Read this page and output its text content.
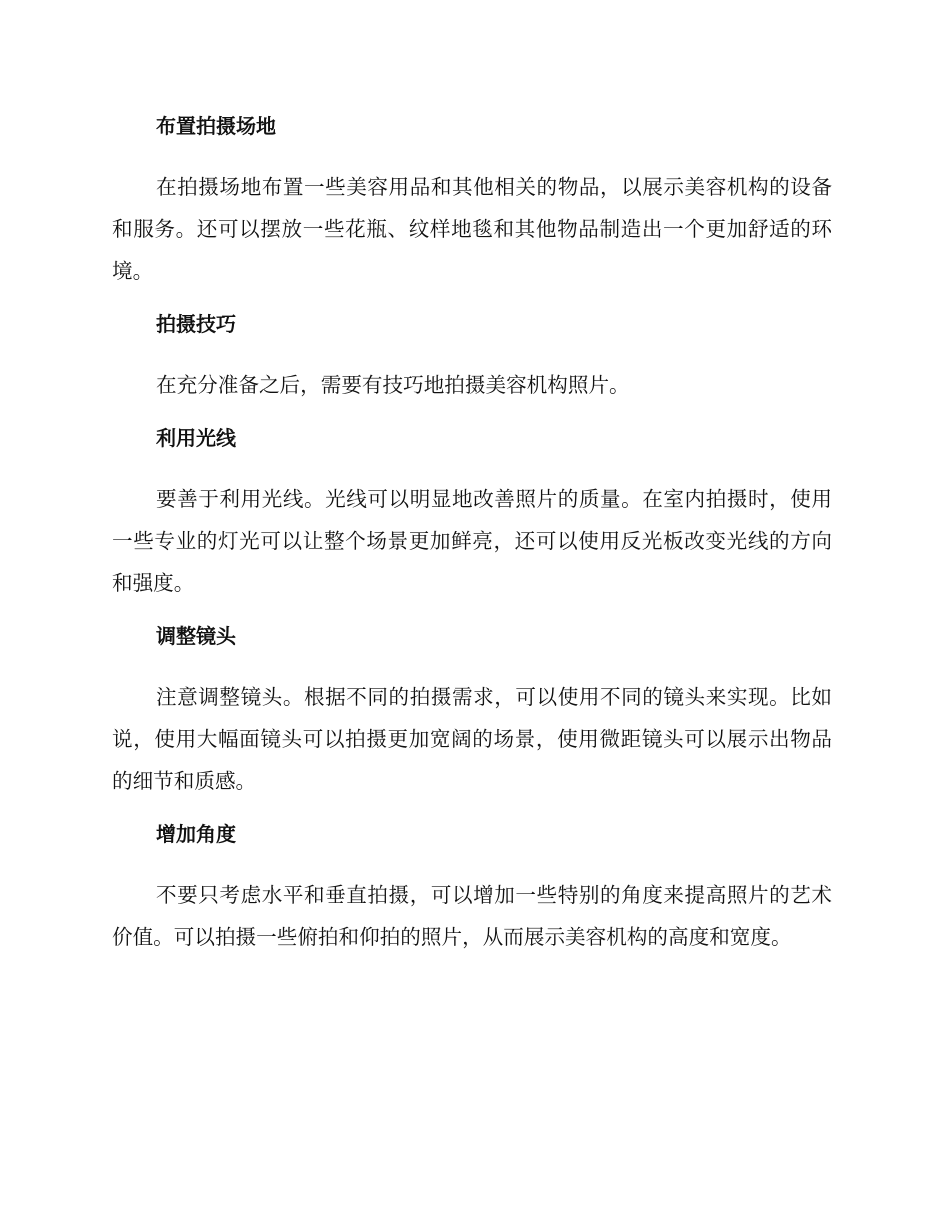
布置拍摄场地

在拍摄场地布置一些美容用品和其他相关的物品，以展示美容机构的设备和服务。还可以摆放一些花瓶、纹样地毯和其他物品制造出一个更加舒适的环境。

拍摄技巧

在充分准备之后，需要有技巧地拍摄美容机构照片。

利用光线

要善于利用光线。光线可以明显地改善照片的质量。在室内拍摄时，使用一些专业的灯光可以让整个场景更加鲜亮，还可以使用反光板改变光线的方向和强度。

调整镜头

注意调整镜头。根据不同的拍摄需求，可以使用不同的镜头来实现。比如说，使用大幅面镜头可以拍摄更加宽阔的场景，使用微距镜头可以展示出物品的细节和质感。

增加角度

不要只考虑水平和垂直拍摄，可以增加一些特别的角度来提高照片的艺术价值。可以拍摄一些俯拍和仰拍的照片，从而展示美容机构的高度和宽度。
